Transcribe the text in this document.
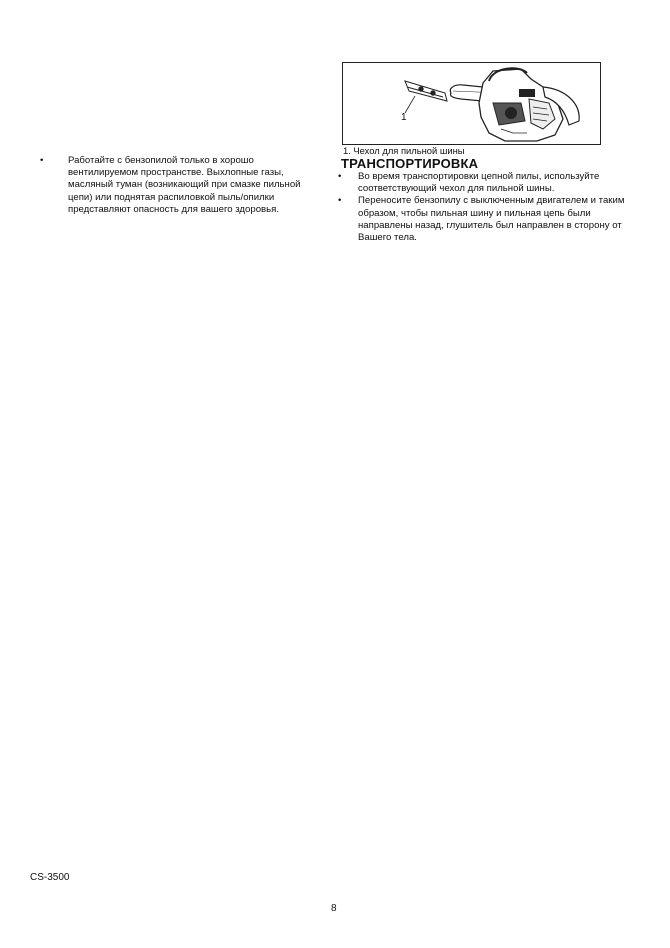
•	Работайте с бензопилой только в хорошо вентилируемом пространстве. Выхлопные газы, масляный туман (возникающий при смазке пильной цепи) или поднятая распиловкой пыль/опилки представляют опасность для вашего здоровья.
1
1. Чехол для пильной шины
ТРАНСПОРТИРОВКА
• Во время транспортировки цепной пилы, используйте соответствующий чехол для пильной шины.
• Переносите бензопилу с выключенным двигателем и таким образом, чтобы пильная шину и пильная цепь были направлены назад, глушитель был направлен в сторону от Вашего тела.
CS-3500
8
